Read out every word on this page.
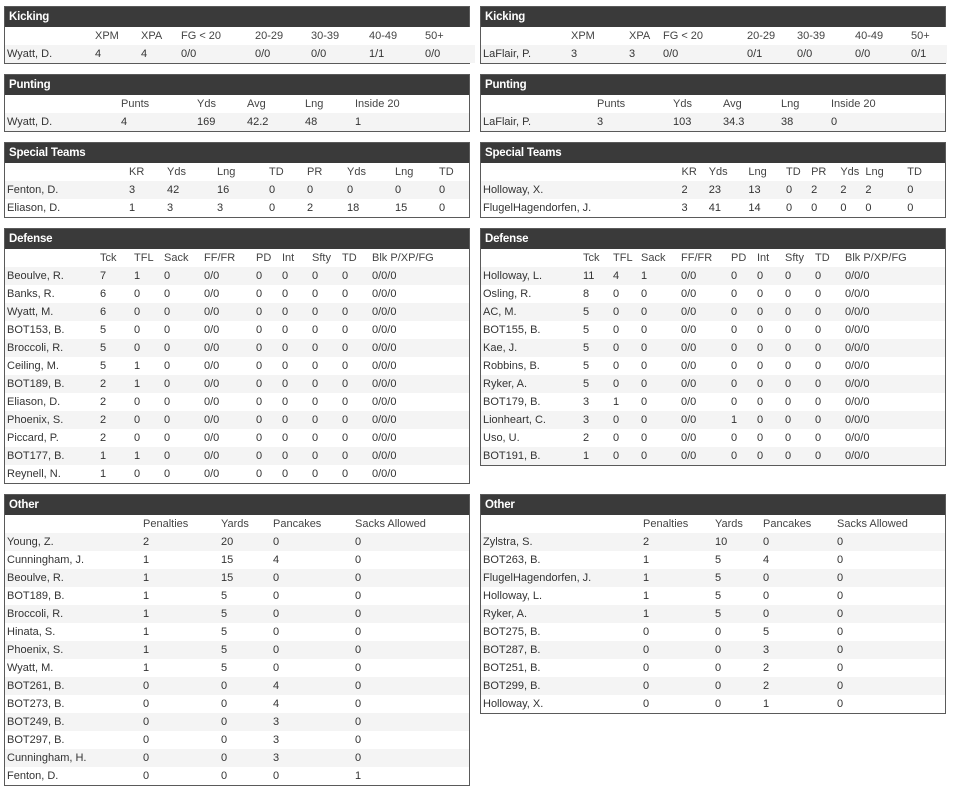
Kicking
	XPM	XPA	FG < 20	20-29	30-39	40-49	50+
Wyatt, D.	4	4	0/0	0/0	0/0	1/1	0/0
Punting
	Punts	Yds	Avg	Lng	Inside 20
Wyatt, D.	4	169	42.2	48	1
Special Teams
	KR	Yds	Lng	TD	PR	Yds	Lng	TD
Fenton, D.	3	42	16	0	0	0	0	0
Eliason, D.	1	3	3	0	2	18	15	0
Defense
	Tck	TFL	Sack	FF/FR	PD	Int	Sfty	TD	Blk P/XP/FG
Beoulve, R.	7	1	0	0/0	0	0	0	0	0/0/0
Banks, R.	6	0	0	0/0	0	0	0	0	0/0/0
Wyatt, M.	6	0	0	0/0	0	0	0	0	0/0/0
BOT153, B.	5	0	0	0/0	0	0	0	0	0/0/0
Broccoli, R.	5	0	0	0/0	0	0	0	0	0/0/0
Ceiling, M.	5	1	0	0/0	0	0	0	0	0/0/0
BOT189, B.	2	1	0	0/0	0	0	0	0	0/0/0
Eliason, D.	2	0	0	0/0	0	0	0	0	0/0/0
Phoenix, S.	2	0	0	0/0	0	0	0	0	0/0/0
Piccard, P.	2	0	0	0/0	0	0	0	0	0/0/0
BOT177, B.	1	1	0	0/0	0	0	0	0	0/0/0
Reynell, N.	1	0	0	0/0	0	0	0	0	0/0/0
Other
	Penalties	Yards	Pancakes	Sacks Allowed
Young, Z.	2	20	0	0
Cunningham, J.	1	15	4	0
Beoulve, R.	1	15	0	0
BOT189, B.	1	5	0	0
Broccoli, R.	1	5	0	0
Hinata, S.	1	5	0	0
Phoenix, S.	1	5	0	0
Wyatt, M.	1	5	0	0
BOT261, B.	0	0	4	0
BOT273, B.	0	0	4	0
BOT249, B.	0	0	3	0
BOT297, B.	0	0	3	0
Cunningham, H.	0	0	3	0
Fenton, D.	0	0	0	1
Kicking
	XPM	XPA	FG < 20	20-29	30-39	40-49	50+
LaFlair, P.	3	3	0/0	0/1	0/0	0/0	0/1
Punting
	Punts	Yds	Avg	Lng	Inside 20
LaFlair, P.	3	103	34.3	38	0
Special Teams
	KR	Yds	Lng	TD	PR	Yds	Lng	TD
Holloway, X.	2	23	13	0	2	2	2	0
FlugelHagendorfen, J.	3	41	14	0	0	0	0	0
Defense
	Tck	TFL	Sack	FF/FR	PD	Int	Sfty	TD	Blk P/XP/FG
Holloway, L.	11	4	1	0/0	0	0	0	0	0/0/0
Osling, R.	8	0	0	0/0	0	0	0	0	0/0/0
AC, M.	5	0	0	0/0	0	0	0	0	0/0/0
BOT155, B.	5	0	0	0/0	0	0	0	0	0/0/0
Kae, J.	5	0	0	0/0	0	0	0	0	0/0/0
Robbins, B.	5	0	0	0/0	0	0	0	0	0/0/0
Ryker, A.	5	0	0	0/0	0	0	0	0	0/0/0
BOT179, B.	3	1	0	0/0	0	0	0	0	0/0/0
Lionheart, C.	3	0	0	0/0	1	0	0	0	0/0/0
Uso, U.	2	0	0	0/0	0	0	0	0	0/0/0
BOT191, B.	1	0	0	0/0	0	0	0	0	0/0/0
Other
	Penalties	Yards	Pancakes	Sacks Allowed
Zylstra, S.	2	10	0	0
BOT263, B.	1	5	4	0
FlugelHagendorfen, J.	1	5	0	0
Holloway, L.	1	5	0	0
Ryker, A.	1	5	0	0
BOT275, B.	0	0	5	0
BOT287, B.	0	0	3	0
BOT251, B.	0	0	2	0
BOT299, B.	0	0	2	0
Holloway, X.	0	0	1	0
